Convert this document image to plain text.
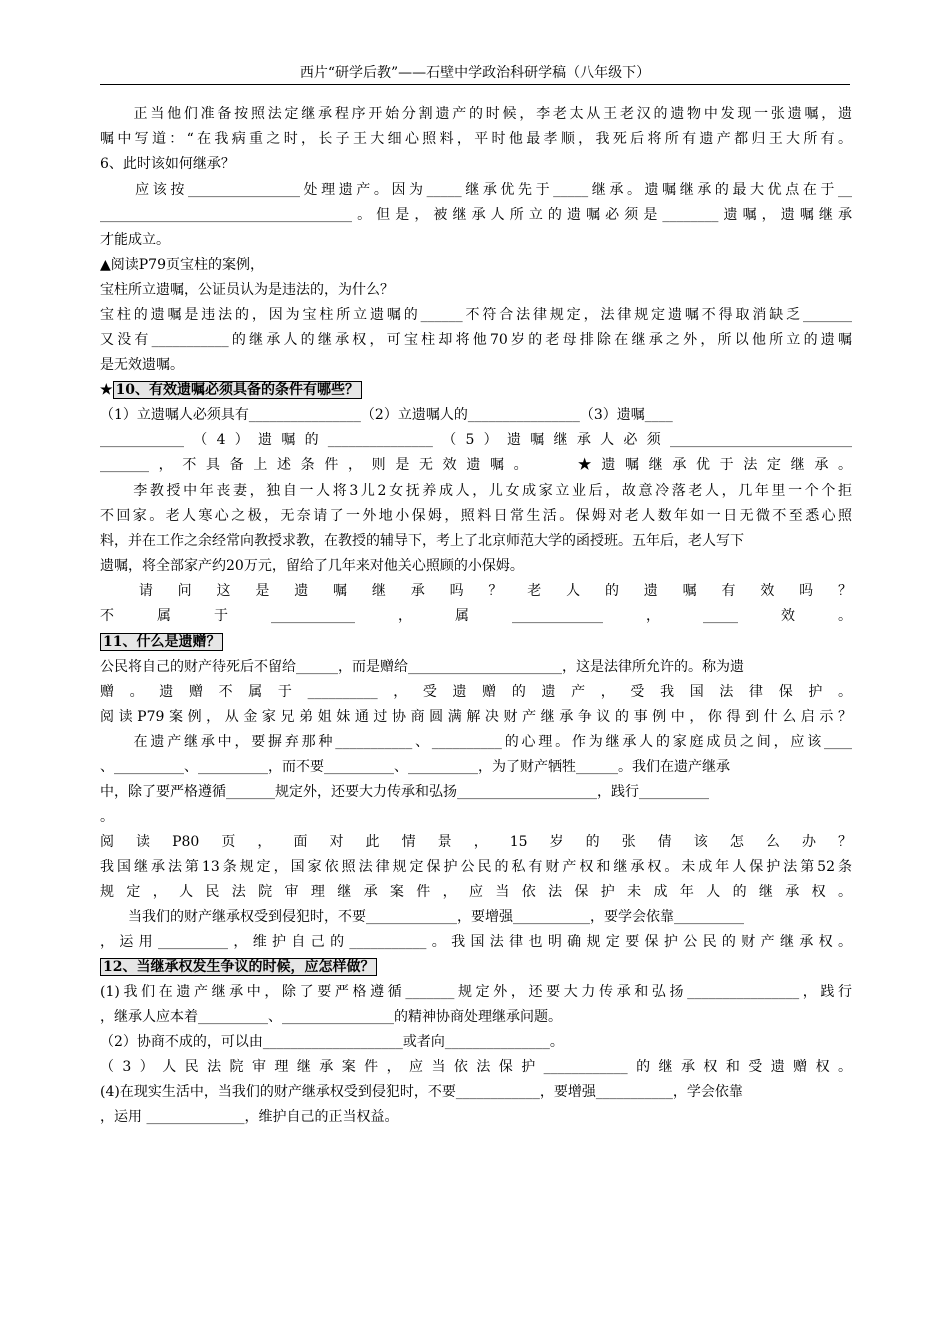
西片“研学后教”——石壁中学政治科研学稿（八年级下）
　　正当他们准备按照法定继承程序开始分割遗产的时候，李老太从王老汉的遗物中发现一张遗嘱，遗
嘱中写道：“在我病重之时，长子王大细心照料，平时他最孝顺，我死后将所有遗产都归王大所有。
6、此时该如何继承？
　　应该按________________处理遗产。因为_____继承优先于_____继承。遗嘱继承的最大优点在于__
____________________________________。但是，被继承人所立的遗嘱必须是________遗嘱，遗嘱继承
才能成立。
▲阅读P79页宝柱的案例，
宝柱所立遗嘱，公证员认为是违法的，为什么？
宝柱的遗嘱是违法的，因为宝柱所立遗嘱的______不符合法律规定，法律规定遗嘱不得取消缺乏_______
又没有___________的继承人的继承权，可宝柱却将他70岁的老母排除在继承之外，所以他所立的遗嘱
是无效遗嘱。
（1）立遗嘱人必须具有________________（2）立遗嘱人的________________（3）遗嘱____
____________（4）遗嘱的_______________（5）遗嘱继承人必须__________________________
_______，不具备上述条件，则是无效遗嘱。　　★遗嘱继承优于法定继承。
　　李教授中年丧妻，独自一人将3儿2女抚养成人，儿女成家立业后，故意冷落老人，几年里一个个拒
不回家。老人寒心之极，无奈请了一外地小保姆，照料日常生活。保姆对老人数年如一日无微不至悉心照
料，并在工作之余经常向教授求教，在教授的辅导下，考上了北京师范大学的函授班。五年后，老人写下
遗嘱，将全部家产约20万元，留给了几年来对他关心照顾的小保姆。
　请问这是遗嘱继承吗？老人的遗嘱有效吗？
不属于____________，属_____________，_____效。
公民将自己的财产待死后不留给______，而是赠给______________________，这是法律所允许的。称为遗
赠。遗赠不属于__________，受遗赠的遗产，受我国法律保护。
阅读P79案例，从金家兄弟姐妹通过协商圆满解决财产继承争议的事例中，你得到什么启示？
　　在遗产继承中，要摒弃那种___________、__________的心理。作为继承人的家庭成员之间，应该____
、__________、__________，而不要__________、__________，为了财产牺牲______。我们在遗产继承
中，除了要严格遵循_______规定外，还要大力传承和弘扬____________________，践行__________
。
阅读P80页，面对此情景，15岁的张倩该怎么办？
我国继承法第13条规定，国家依照法律规定保护公民的私有财产权和继承权。未成年人保护法第52条
规定，人民法院审理继承案件，应当依法保护未成年人的继承权。
　　当我们的财产继承权受到侵犯时，不要_____________，要增强___________，要学会依靠__________
，运用__________，维护自己的___________。我国法律也明确规定要保护公民的财产继承权。
(1)我们在遗产继承中，除了要严格遵循_______规定外，还要大力传承和弘扬________________，践行
，继承人应本着__________、________________的精神协商处理继承问题。
（2）协商不成的，可以由____________________或者向_______________。
（3）人民法院审理继承案件，应当依法保护____________的继承权和受遗赠权。
(4)在现实生活中，当我们的财产继承权受到侵犯时，不要____________，要增强___________，学会依靠
，运用 ______________，维护自己的正当权益。
★ 10、有效遗嘱必须具备的条件有哪些？
11、什么是遗赠？
12、当继承权发生争议的时候，应怎样做？
